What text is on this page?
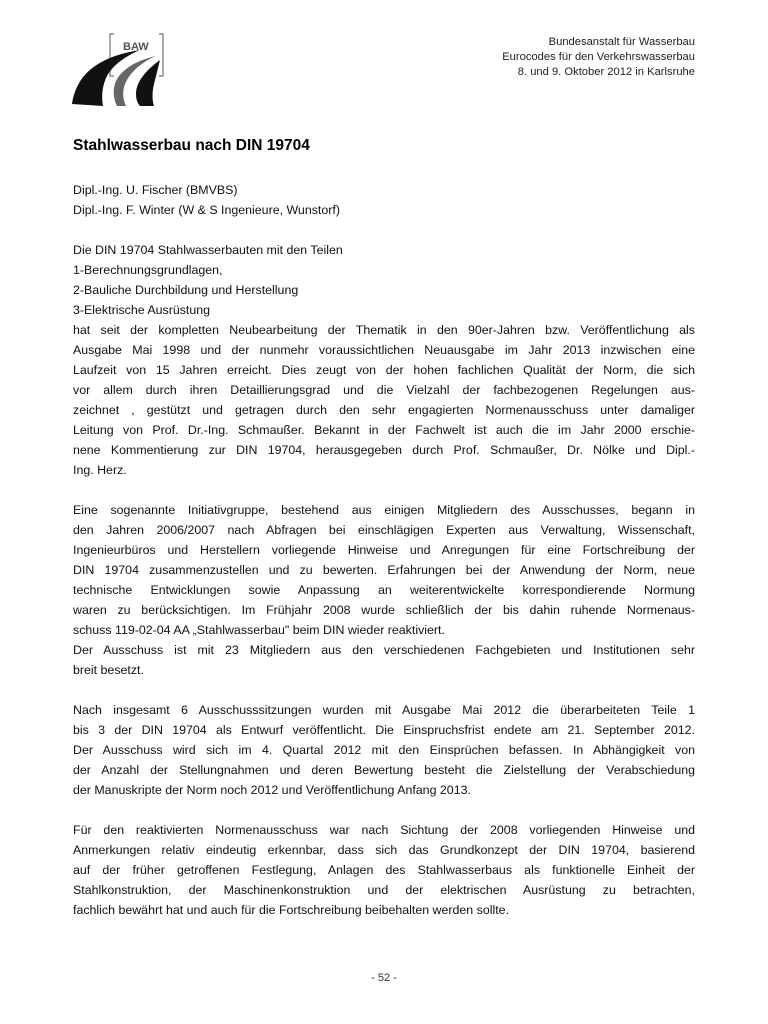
BAW	Bundesanstalt für Wasserbau
Eurocodes für den Verkehrswasserbau
8. und 9. Oktober 2012 in Karlsruhe
Stahlwasserbau nach DIN 19704
Dipl.-Ing. U. Fischer (BMVBS)
Dipl.-Ing. F. Winter (W & S Ingenieure, Wunstorf)
Die DIN 19704 Stahlwasserbauten mit den Teilen
1-Berechnungsgrundlagen,
2-Bauliche Durchbildung und Herstellung
3-Elektrische Ausrüstung
hat seit der kompletten Neubearbeitung der Thematik in den 90er-Jahren bzw. Veröffentlichung als
Ausgabe Mai 1998 und der nunmehr voraussichtlichen Neuausgabe im Jahr 2013 inzwischen eine
Laufzeit von 15 Jahren erreicht. Dies zeugt von der hohen fachlichen Qualität der Norm, die sich
vor allem durch ihren Detaillierungsgrad und die Vielzahl der fachbezogenen Regelungen aus-
zeichnet , gestützt und getragen durch den sehr engagierten Normenausschuss unter damaliger
Leitung von Prof. Dr.-Ing. Schmaußer. Bekannt in der Fachwelt ist auch die im Jahr 2000 erschie-
nene Kommentierung zur DIN 19704, herausgegeben durch Prof. Schmaußer, Dr. Nölke und Dipl.-
Ing. Herz.
Eine sogenannte Initiativgruppe, bestehend aus einigen Mitgliedern des Ausschusses, begann in
den Jahren 2006/2007 nach Abfragen bei einschlägigen Experten aus Verwaltung, Wissenschaft,
Ingenieurbüros und Herstellern vorliegende Hinweise und Anregungen für eine Fortschreibung der
DIN 19704 zusammenzustellen und zu bewerten. Erfahrungen bei der Anwendung der Norm, neue
technische Entwicklungen sowie Anpassung an weiterentwickelte korrespondierende Normung
waren zu berücksichtigen. Im Frühjahr 2008 wurde schließlich der bis dahin ruhende Normenaus-
schuss 119-02-04 AA „Stahlwasserbau" beim DIN wieder reaktiviert.
Der Ausschuss ist mit 23 Mitgliedern aus den verschiedenen Fachgebieten und Institutionen sehr
breit besetzt.
Nach insgesamt 6 Ausschusssitzungen wurden mit Ausgabe Mai 2012 die überarbeiteten Teile 1
bis 3 der DIN 19704 als Entwurf veröffentlicht. Die Einspruchsfrist endete am 21. September 2012.
Der Ausschuss wird sich im 4. Quartal 2012 mit den Einsprüchen befassen. In Abhängigkeit von
der Anzahl der Stellungnahmen und deren Bewertung besteht die Zielstellung der Verabschiedung
der Manuskripte der Norm noch 2012 und Veröffentlichung Anfang 2013.
Für den reaktivierten Normenausschuss war nach Sichtung der 2008 vorliegenden Hinweise und
Anmerkungen relativ eindeutig erkennbar, dass sich das Grundkonzept der DIN 19704, basierend
auf der früher getroffenen Festlegung, Anlagen des Stahlwasserbaus als funktionelle Einheit der
Stahlkonstruktion, der Maschinenkonstruktion und der elektrischen Ausrüstung zu betrachten,
fachlich bewährt hat und auch für die Fortschreibung beibehalten werden sollte.
- 52 -
